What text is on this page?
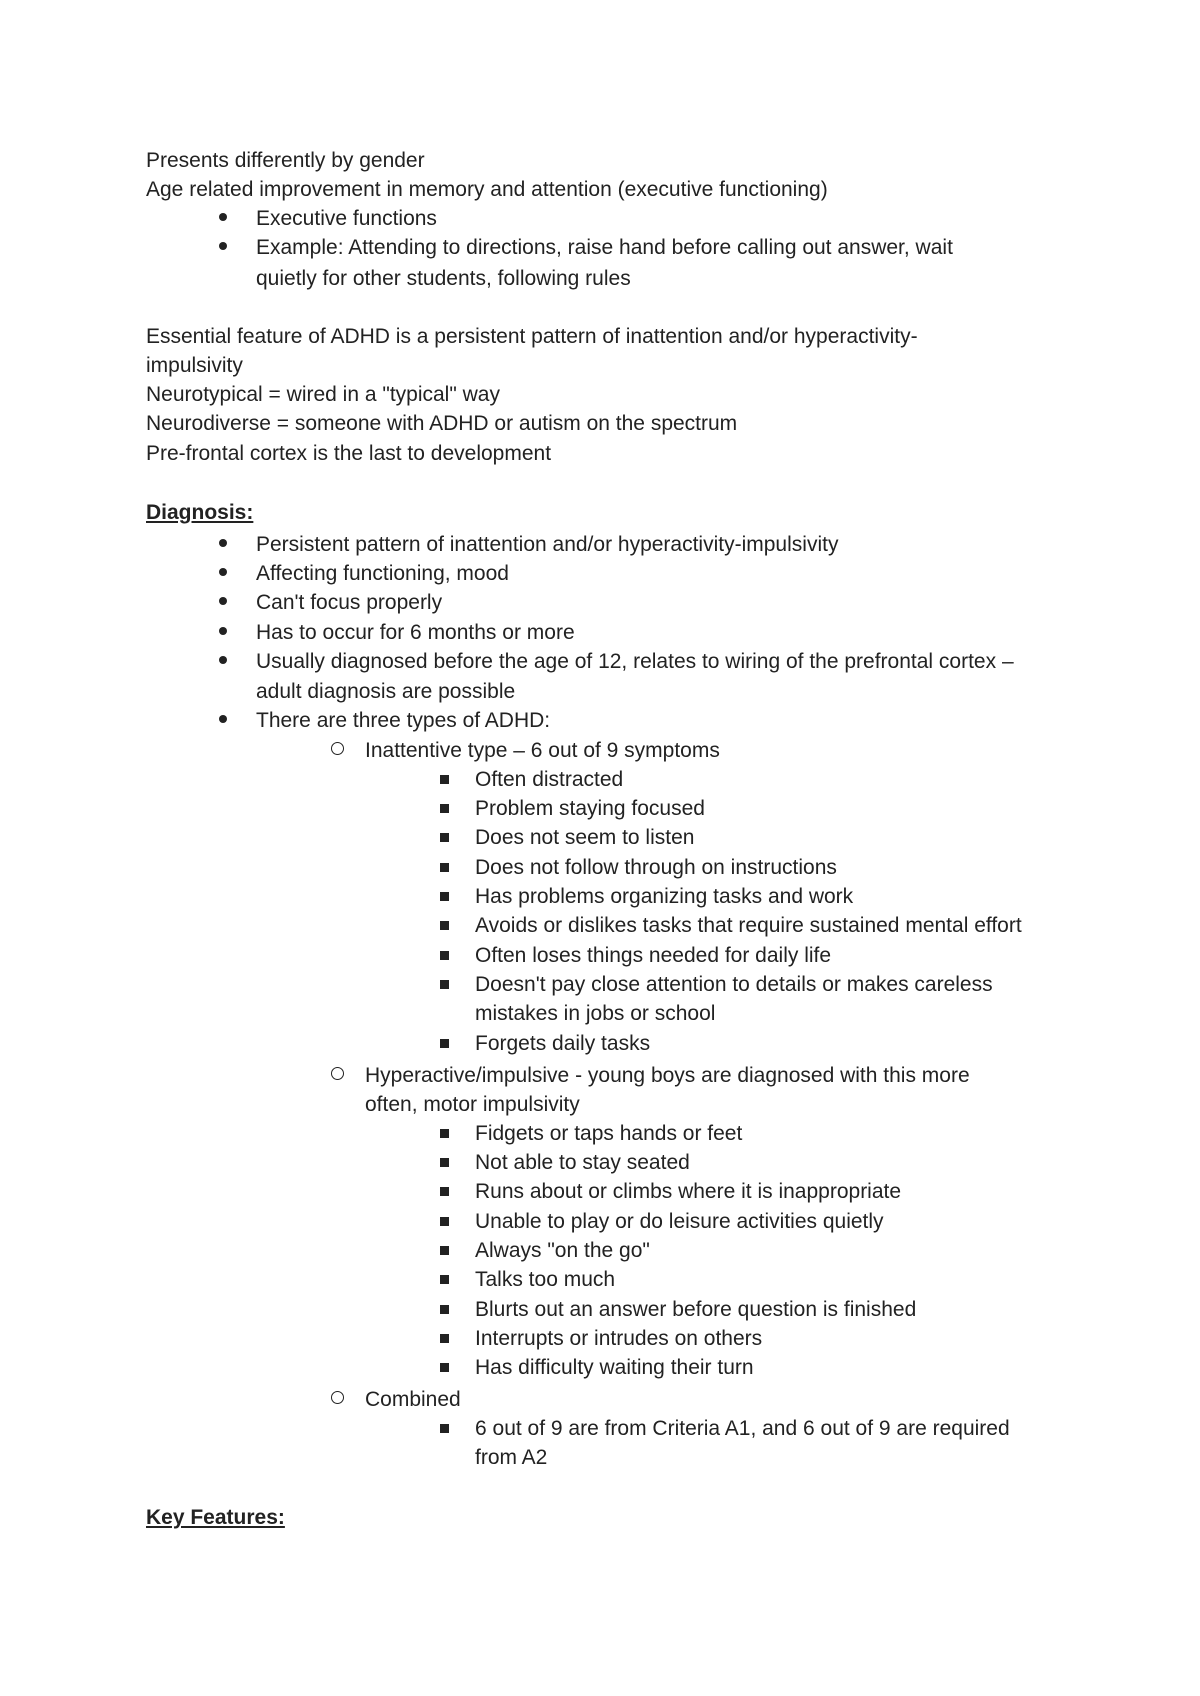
Presents differently by gender
Age related improvement in memory and attention (executive functioning)
Executive functions
Example: Attending to directions, raise hand before calling out answer, wait
quietly for other students, following rules
Essential feature of ADHD is a persistent pattern of inattention and/or hyperactivity-
impulsivity
Neurotypical = wired in a "typical" way
Neurodiverse = someone with ADHD or autism on the spectrum
Pre-frontal cortex is the last to development
Diagnosis:
Persistent pattern of inattention and/or hyperactivity-impulsivity
Affecting functioning, mood
Can't focus properly
Has to occur for 6 months or more
Usually diagnosed before the age of 12, relates to wiring of the prefrontal cortex –
adult diagnosis are possible
There are three types of ADHD:
Inattentive type – 6 out of 9 symptoms
Often distracted
Problem staying focused
Does not seem to listen
Does not follow through on instructions
Has problems organizing tasks and work
Avoids or dislikes tasks that require sustained mental effort
Often loses things needed for daily life
Doesn't pay close attention to details or makes careless
mistakes in jobs or school
Forgets daily tasks
Hyperactive/impulsive - young boys are diagnosed with this more
often, motor impulsivity
Fidgets or taps hands or feet
Not able to stay seated
Runs about or climbs where it is inappropriate
Unable to play or do leisure activities quietly
Always "on the go"
Talks too much
Blurts out an answer before question is finished
Interrupts or intrudes on others
Has difficulty waiting their turn
Combined
6 out of 9 are from Criteria A1, and 6 out of 9 are required
from A2
Key Features:
